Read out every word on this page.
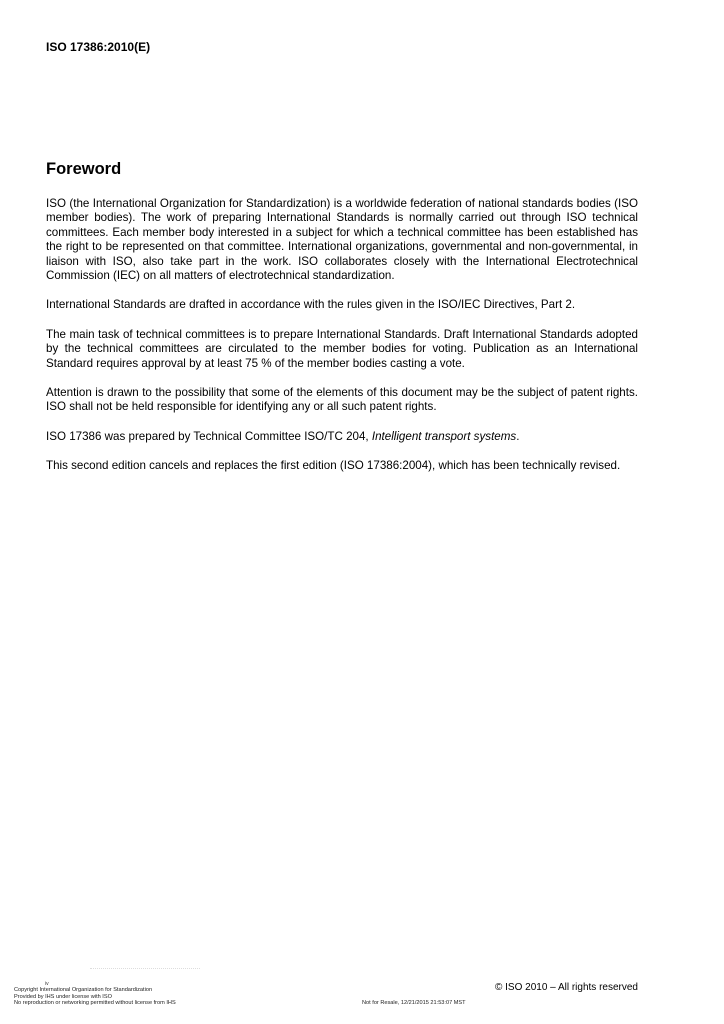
ISO 17386:2010(E)
Foreword

ISO (the International Organization for Standardization) is a worldwide federation of national standards bodies (ISO member bodies). The work of preparing International Standards is normally carried out through ISO technical committees. Each member body interested in a subject for which a technical committee has been established has the right to be represented on that committee. International organizations, governmental and non-governmental, in liaison with ISO, also take part in the work. ISO collaborates closely with the International Electrotechnical Commission (IEC) on all matters of electrotechnical standardization.

International Standards are drafted in accordance with the rules given in the ISO/IEC Directives, Part 2.

The main task of technical committees is to prepare International Standards. Draft International Standards adopted by the technical committees are circulated to the member bodies for voting. Publication as an International Standard requires approval by at least 75 % of the member bodies casting a vote.

Attention is drawn to the possibility that some of the elements of this document may be the subject of patent rights. ISO shall not be held responsible for identifying any or all such patent rights.

ISO 17386 was prepared by Technical Committee ISO/TC 204, Intelligent transport systems.

This second edition cancels and replaces the first edition (ISO 17386:2004), which has been technically revised.

iv	© ISO 2010 – All rights reserved
Copyright International Organization for Standardization
Provided by IHS under license with ISO
No reproduction or networking permitted without license from IHS	Not for Resale, 12/21/2015 21:53:07 MST
